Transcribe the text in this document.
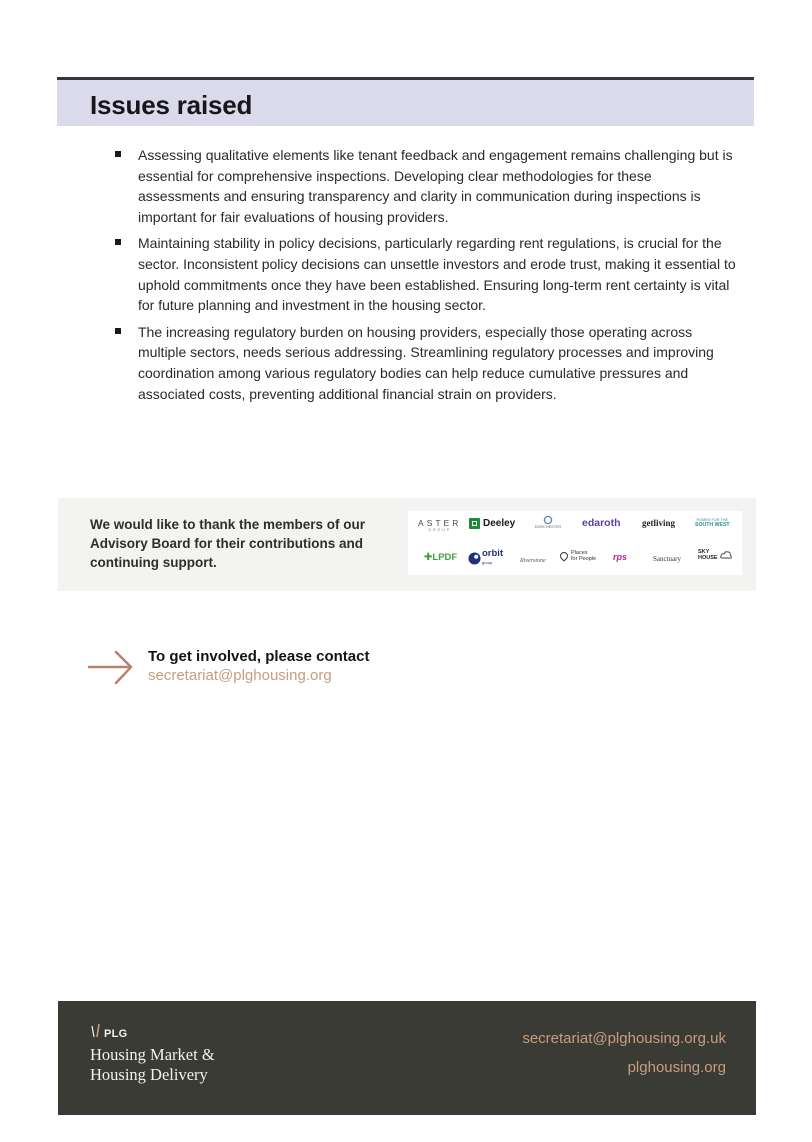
Issues raised
Assessing qualitative elements like tenant feedback and engagement remains challenging but is essential for comprehensive inspections. Developing clear methodologies for these assessments and ensuring transparency and clarity in communication during inspections is important for fair evaluations of housing providers.
Maintaining stability in policy decisions, particularly regarding rent regulations, is crucial for the sector. Inconsistent policy decisions can unsettle investors and erode trust, making it essential to uphold commitments once they have been established. Ensuring long-term rent certainty is vital for future planning and investment in the housing sector.
The increasing regulatory burden on housing providers, especially those operating across multiple sectors, needs serious addressing. Streamlining regulatory processes and improving coordination among various regulatory bodies can help reduce cumulative pressures and associated costs, preventing additional financial strain on providers.
We would like to thank the members of our Advisory Board for their contributions and continuing support.
ASTER
GROUP
Deeley	DORCHESTER	edaroth getliving	HOMES FOR THE
SOUTH WEST
✚LPDF	orbit
group	Riverstone
Places
for People rps	Sanctuary
SKY
HOUSE
To get involved, please contact
secretariat@plghousing.org
PLG
Housing Market &
Housing Delivery
secretariat@plghousing.org.uk
plghousing.org
